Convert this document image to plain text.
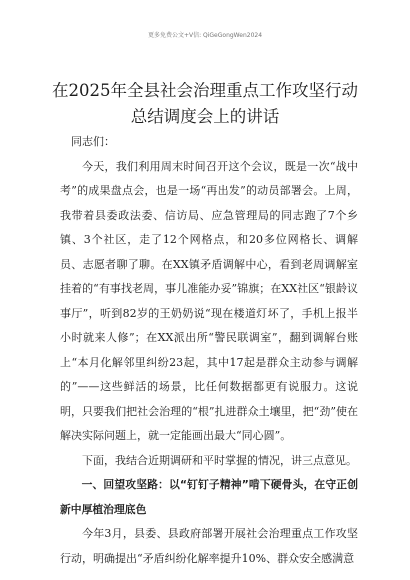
更多免费公文+V信: QiGeGongWen2024
在2025年全县社会治理重点工作攻坚行动总结调度会上的讲话

同志们：

今天，我们利用周末时间召开这个会议，既是一次“战中考”的成果盘点会，也是一场“再出发”的动员部署会。上周，我带着县委政法委、信访局、应急管理局的同志跑了7个乡镇、3个社区，走了12个网格点，和20多位网格长、调解员、志愿者聊了聊。在XX镇矛盾调解中心，看到老周调解室挂着的“有事找老周，事儿准能办妥”锦旗；在XX社区“银龄议事厅”，听到82岁的王奶奶说“现在楼道灯坏了，手机上报半小时就来人修”；在XX派出所“警民联调室”，翻到调解台账上“本月化解邻里纠纷23起，其中17起是群众主动参与调解的”——这些鲜活的场景，比任何数据都更有说服力。这说明，只要我们把社会治理的“根”扎进群众土壤里，把“劲”使在解决实际问题上，就一定能画出最大“同心圆”。

下面，我结合近期调研和平时掌握的情况，讲三点意见。

一、回望攻坚路：以“钉钉子精神”啃下硬骨头，在守正创新中厚植治理底色

今年3月，县委、县政府部署开展社会治理重点工作攻坚行动，明确提出“矛盾纠纷化解率提升10%、群众安全感满意
